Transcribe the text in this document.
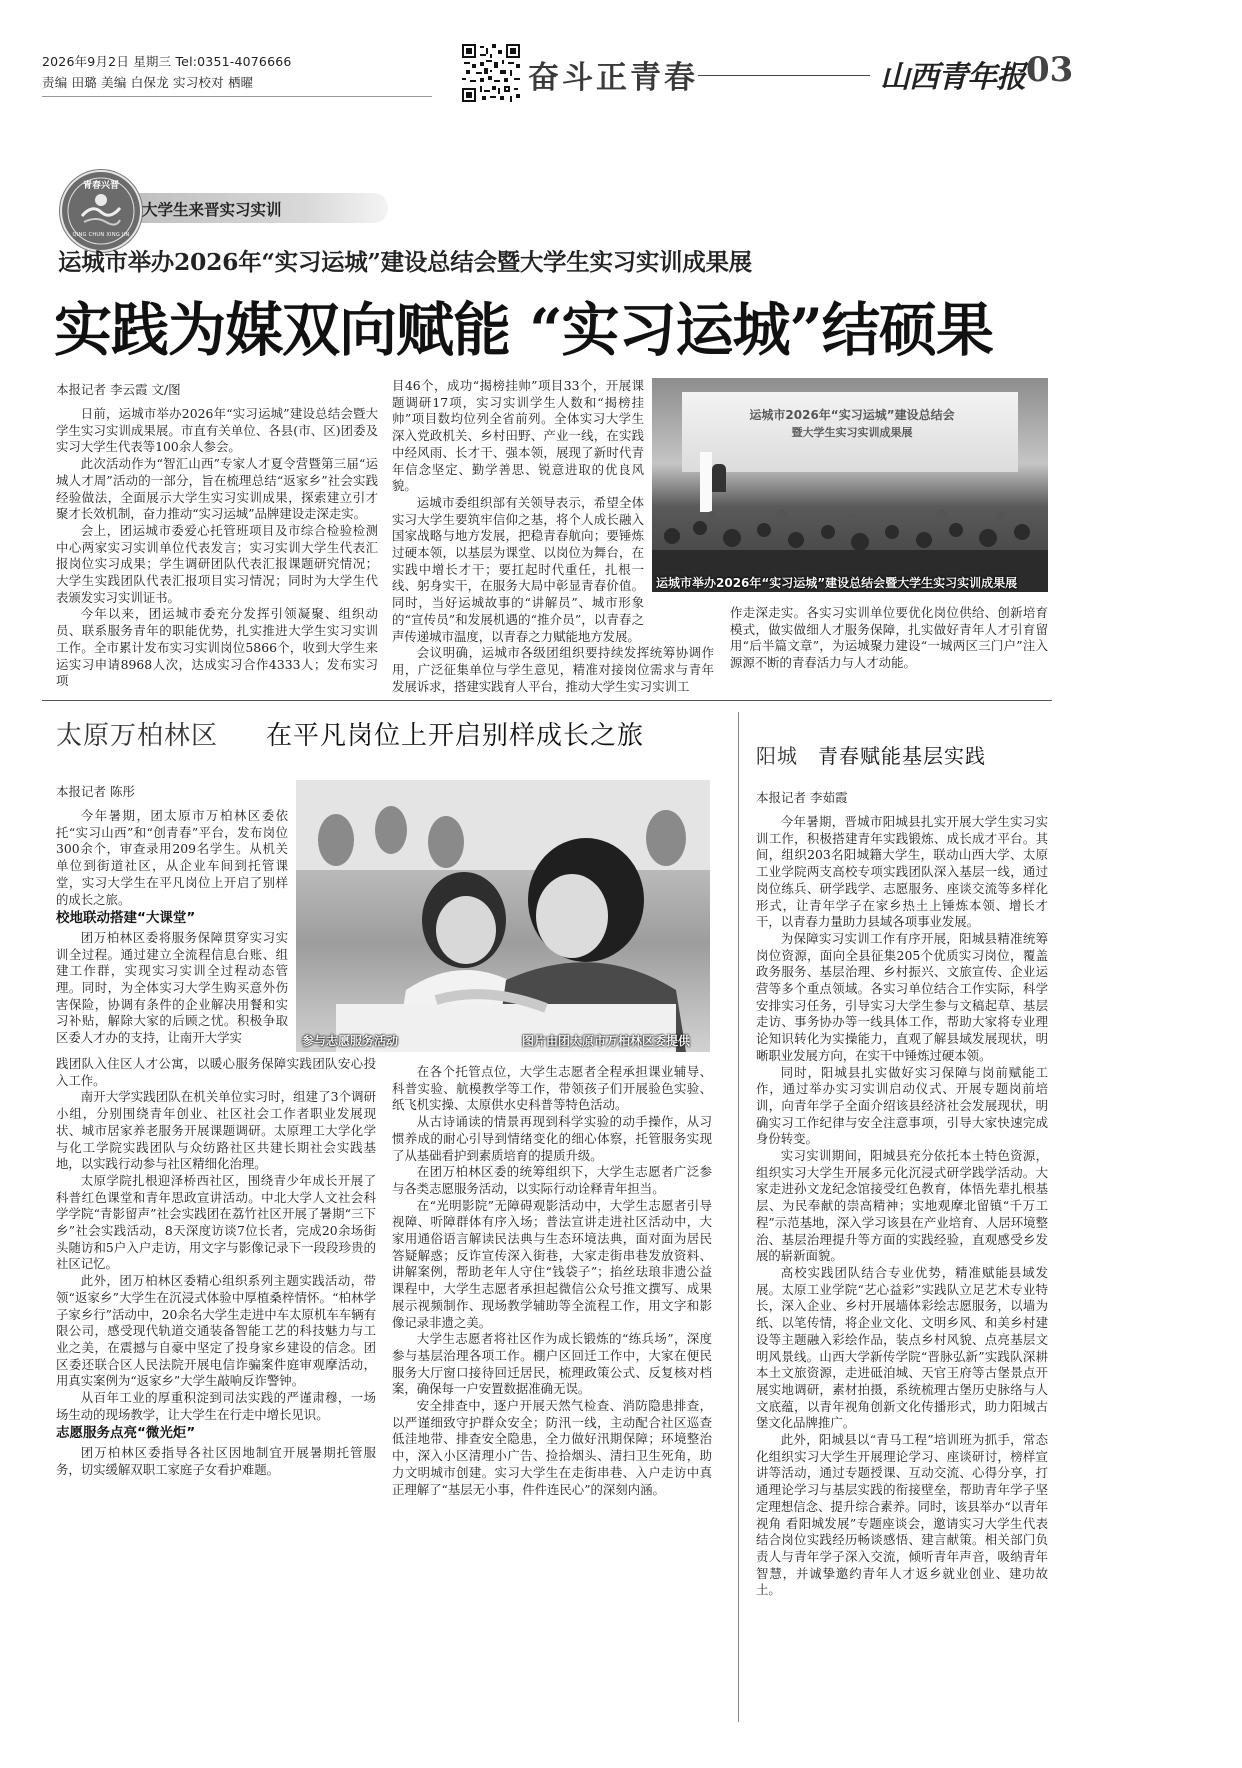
2026年9月2日 星期三 Tel:0351-4076666
责编 田璐 美编 白保龙 实习校对 栖曜	奋斗正青春	山西青年报 03
青春兴晋
QING CHUN XING JIN
大学生来晋实习实训
运城市举办2026年“实习运城”建设总结会暨大学生实习实训成果展
实践为媒双向赋能 “实习运城”结硕果
本报记者 李云霞 文/图

日前，运城市举办2026年“实习运城”建设总结会暨大学生实习实训成果展。市直有关单位、各县(市、区)团委及实习大学生代表等100余人参会。

此次活动作为“智汇山西”专家人才夏令营暨第三届“运城人才周”活动的一部分，旨在梳理总结“返家乡”社会实践经验做法，全面展示大学生实习实训成果，探索建立引才聚才长效机制，奋力推动“实习运城”品牌建设走深走实。

会上，团运城市委爱心托管班项目及市综合检验检测中心两家实习实训单位代表发言；实习实训大学生代表汇报岗位实习成果；学生调研团队代表汇报课题研究情况；大学生实践团队代表汇报项目实习情况；同时为大学生代表颁发实习实训证书。

今年以来，团运城市委充分发挥引领凝聚、组织动员、联系服务青年的职能优势，扎实推进大学生实习实训工作。全市累计发布实习实训岗位5866个，收到大学生来运实习申请8968人次，达成实习合作4333人；发布实习项

目46个，成功“揭榜挂帅”项目33个，开展课题调研17项，实习实训学生人数和“揭榜挂帅”项目数均位列全省前列。全体实习大学生深入党政机关、乡村田野、产业一线，在实践中经风雨、长才干、强本领，展现了新时代青年信念坚定、勤学善思、锐意进取的优良风貌。

运城市委组织部有关领导表示，希望全体实习大学生要筑牢信仰之基，将个人成长融入国家战略与地方发展，把稳青春航向；要锤炼过硬本领，以基层为课堂、以岗位为舞台，在实践中增长才干；要扛起时代重任，扎根一线、躬身实干，在服务大局中彰显青春价值。同时，当好运城故事的“讲解员”、城市形象的“宣传员”和发展机遇的“推介员”，以青春之声传递城市温度，以青春之力赋能地方发展。

会议明确，运城市各级团组织要持续发挥统筹协调作用，广泛征集单位与学生意见，精准对接岗位需求与青年发展诉求，搭建实践育人平台，推动大学生实习实训工

运城市2026年“实习运城”建设总结会
暨大学生实习实训成果展
运城市举办2026年“实习运城”建设总结会暨大学生实习实训成果展

作走深走实。各实习实训单位要优化岗位供给、创新培育模式，做实做细人才服务保障，扎实做好青年人才引育留用“后半篇文章”，为运城聚力建设“一城两区三门户”注入源源不断的青春活力与人才动能。

太原万柏林区 在平凡岗位上开启别样成长之旅
本报记者 陈彤

今年暑期，团太原市万柏林区委依托“实习山西”和“创青春”平台，发布岗位300余个，审查录用209名学生。从机关单位到街道社区，从企业车间到托管课堂，实习大学生在平凡岗位上开启了别样的成长之旅。

校地联动搭建“大课堂”

团万柏林区委将服务保障贯穿实习实训全过程。通过建立全流程信息台账、组建工作群，实现实习实训全过程动态管理。同时，为全体实习大学生购买意外伤害保险，协调有条件的企业解决用餐和实习补贴，解除大家的后顾之忧。积极争取区委人才办的支持，让南开大学实	参与志愿服务活动	图片由团太原市万柏林区委提供

践团队入住区人才公寓，以暖心服务保障实践团队安心投入工作。

南开大学实践团队在机关单位实习时，组建了3个调研小组，分别围绕青年创业、社区社会工作者职业发展现状、城市居家养老服务开展课题调研。太原理工大学化学与化工学院实践团队与众纺路社区共建长期社会实践基地，以实践行动参与社区精细化治理。

太原学院扎根迎泽桥西社区，围绕青少年成长开展了科普红色课堂和青年思政宣讲活动。中北大学人文社会科学学院“青影留声”社会实践团在荔竹社区开展了暑期“三下乡”社会实践活动，8天深度访谈7位长者，完成20余场街头随访和5户入户走访，用文字与影像记录下一段段珍贵的社区记忆。

此外，团万柏林区委精心组织系列主题实践活动，带领“返家乡”大学生在沉浸式体验中厚植桑梓情怀。“柏林学子家乡行”活动中，20余名大学生走进中车太原机车车辆有限公司，感受现代轨道交通装备智能工艺的科技魅力与工业之美，在震撼与自豪中坚定了投身家乡建设的信念。团区委还联合区人民法院开展电信诈骗案件庭审观摩活动，用真实案例为“返家乡”大学生敲响反诈警钟。

从百年工业的厚重积淀到司法实践的严谨肃穆，一场场生动的现场教学，让大学生在行走中增长见识。

志愿服务点亮“微光炬”

团万柏林区委指导各社区因地制宜开展暑期托管服务，切实缓解双职工家庭子女看护难题。

在各个托管点位，大学生志愿者全程承担课业辅导、科普实验、航模教学等工作，带领孩子们开展验色实验、纸飞机实操、太原供水史科普等特色活动。

从古诗诵读的情景再现到科学实验的动手操作，从习惯养成的耐心引导到情绪变化的细心体察，托管服务实现了从基础看护到素质培育的提质升级。

在团万柏林区委的统筹组织下，大学生志愿者广泛参与各类志愿服务活动，以实际行动诠释青年担当。

在“光明影院”无障碍观影活动中，大学生志愿者引导视障、听障群体有序入场；普法宣讲走进社区活动中，大家用通俗语言解读民法典与生态环境法典，面对面为居民答疑解惑；反诈宣传深入街巷，大家走街串巷发放资料、讲解案例，帮助老年人守住“钱袋子”；掐丝珐琅非遗公益课程中，大学生志愿者承担起微信公众号推文撰写、成果展示视频制作、现场教学辅助等全流程工作，用文字和影像记录非遗之美。

大学生志愿者将社区作为成长锻炼的“练兵场”，深度参与基层治理各项工作。棚户区回迁工作中，大家在便民服务大厅窗口接待回迁居民，梳理政策公式、反复核对档案，确保每一户安置数据准确无误。

安全排查中，逐户开展天然气检查、消防隐患排查，以严谨细致守护群众安全；防汛一线，主动配合社区巡查低洼地带、排查安全隐患，全力做好汛期保障；环境整治中，深入小区清理小广告、捡拾烟头、清扫卫生死角，助力文明城市创建。实习大学生在走街串巷、入户走访中真正理解了“基层无小事，件件连民心”的深刻内涵。

阳城 青春赋能基层实践
本报记者 李茹霞

今年暑期，晋城市阳城县扎实开展大学生实习实训工作，积极搭建青年实践锻炼、成长成才平台。其间，组织203名阳城籍大学生，联动山西大学、太原工业学院两支高校专项实践团队深入基层一线，通过岗位练兵、研学践学、志愿服务、座谈交流等多样化形式，让青年学子在家乡热土上锤炼本领、增长才干，以青春力量助力县域各项事业发展。

为保障实习实训工作有序开展，阳城县精准统筹岗位资源，面向全县征集205个优质实习岗位，覆盖政务服务、基层治理、乡村振兴、文旅宣传、企业运营等多个重点领域。各实习单位结合工作实际，科学安排实习任务，引导实习大学生参与文稿起草、基层走访、事务协办等一线具体工作，帮助大家将专业理论知识转化为实操能力，直观了解县域发展现状，明晰职业发展方向，在实干中锤炼过硬本领。

同时，阳城县扎实做好实习保障与岗前赋能工作，通过举办实习实训启动仪式、开展专题岗前培训，向青年学子全面介绍该县经济社会发展现状，明确实习工作纪律与安全注意事项，引导大家快速完成身份转变。

实习实训期间，阳城县充分依托本土特色资源，组织实习大学生开展多元化沉浸式研学践学活动。大家走进孙文龙纪念馆接受红色教育，体悟先辈扎根基层、为民奉献的崇高精神；实地观摩北留镇“千万工程”示范基地，深入学习该县在产业培育、人居环境整治、基层治理提升等方面的实践经验，直观感受乡发展的崭新面貌。

高校实践团队结合专业优势，精准赋能县域发展。太原工业学院“艺心益彩”实践队立足艺术专业特长，深入企业、乡村开展墙体彩绘志愿服务，以墙为纸、以笔传情，将企业文化、文明乡风、和美乡村建设等主题融入彩绘作品，装点乡村风貌、点亮基层文明风景线。山西大学新传学院“晋脉弘新”实践队深耕本土文旅资源，走进砥洎城、天官王府等古堡景点开展实地调研，素材拍摄，系统梳理古堡历史脉络与人文底蕴，以青年视角创新文化传播形式，助力阳城古堡文化品牌推广。

此外，阳城县以“青马工程”培训班为抓手，常态化组织实习大学生开展理论学习、座谈研讨，榜样宣讲等活动，通过专题授课、互动交流、心得分享，打通理论学习与基层实践的衔接壁垒，帮助青年学子坚定理想信念、提升综合素养。同时，该县举办“以青年视角 看阳城发展”专题座谈会，邀请实习大学生代表结合岗位实践经历畅谈感悟、建言献策。相关部门负责人与青年学子深入交流，倾听青年声音，吸纳青年智慧，并诚挚邀约青年人才返乡就业创业、建功故土。
